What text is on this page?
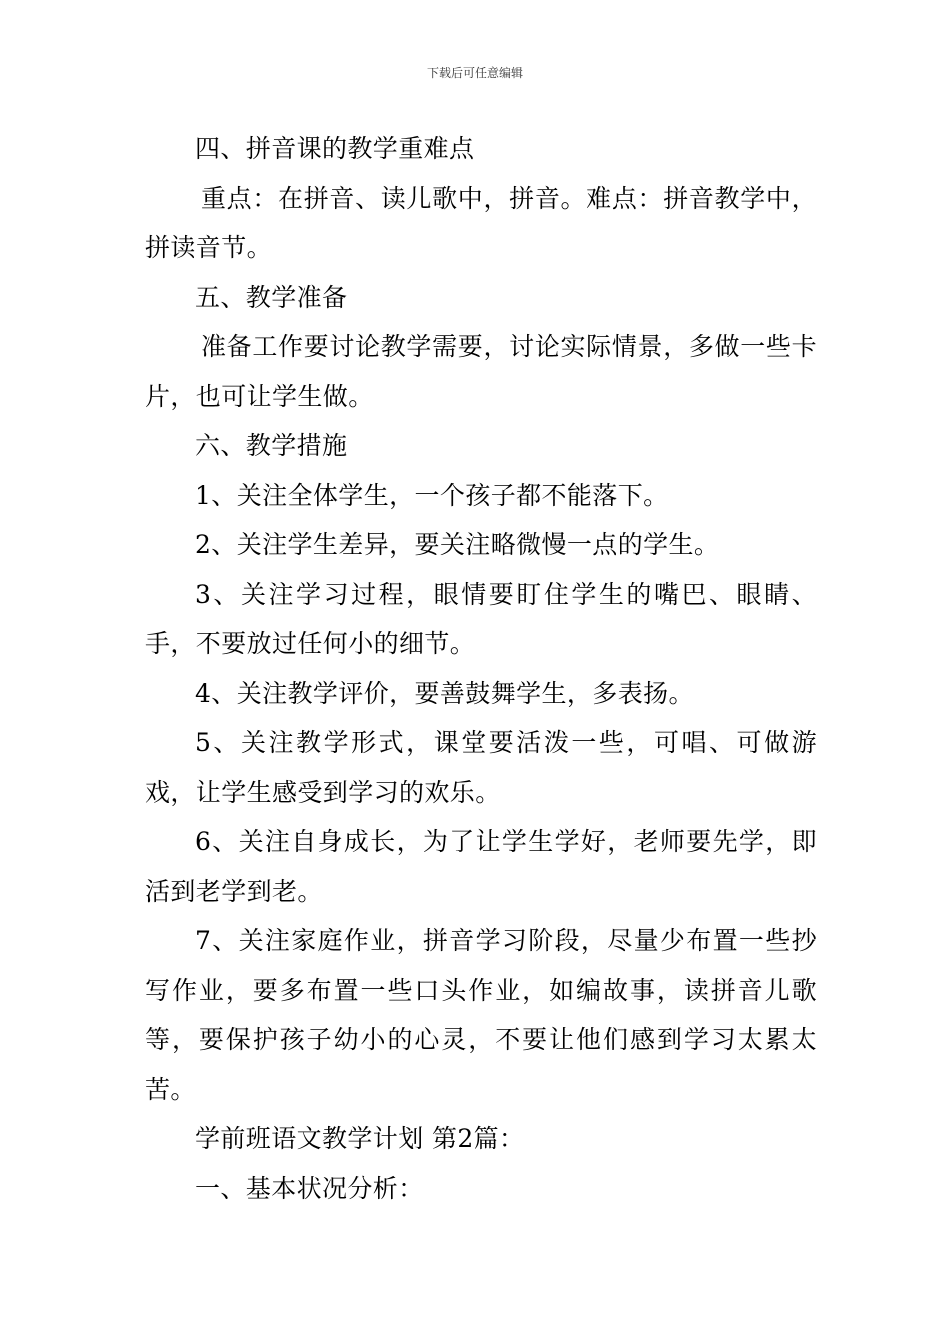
下载后可任意编辑

四、拼音课的教学重难点

重点：在拼音、读儿歌中，拼音。难点：拼音教学中，拼读音节。

五、教学准备

准备工作要讨论教学需要，讨论实际情景，多做一些卡片，也可让学生做。

六、教学措施

1、关注全体学生，一个孩子都不能落下。

2、关注学生差异，要关注略微慢一点的学生。

3、关注学习过程，眼情要盯住学生的嘴巴、眼睛、手，不要放过任何小的细节。

4、关注教学评价，要善鼓舞学生，多表扬。

5、关注教学形式，课堂要活泼一些，可唱、可做游戏，让学生感受到学习的欢乐。

6、关注自身成长，为了让学生学好，老师要先学，即活到老学到老。

7、关注家庭作业，拼音学习阶段，尽量少布置一些抄写作业，要多布置一些口头作业，如编故事，读拼音儿歌等，要保护孩子幼小的心灵，不要让他们感到学习太累太苦。

学前班语文教学计划 第2篇：

一、基本状况分析：
